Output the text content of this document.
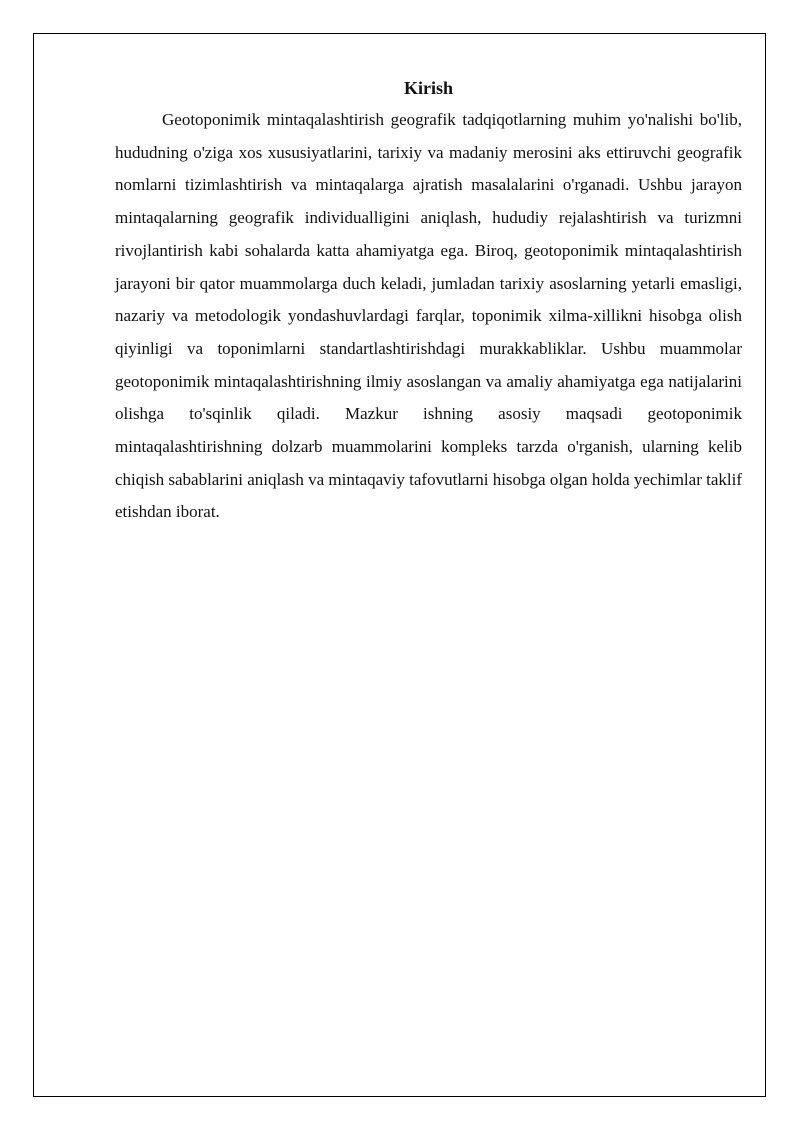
Kirish

Geotoponimik mintaqalashtirish geografik tadqiqotlarning muhim yo'nalishi bo'lib, hududning o'ziga xos xususiyatlarini, tarixiy va madaniy merosini aks ettiruvchi geografik nomlarni tizimlashtirish va mintaqalarga ajratish masalalarini o'rganadi. Ushbu jarayon mintaqalarning geografik individualligini aniqlash, hududiy rejalashtirish va turizmni rivojlantirish kabi sohalarda katta ahamiyatga ega. Biroq, geotoponimik mintaqalashtirish jarayoni bir qator muammolarga duch keladi, jumladan tarixiy asoslarning yetarli emasligi, nazariy va metodologik yondashuvlardagi farqlar, toponimik xilma-xillikni hisobga olish qiyinligi va toponimlarni standartlashtirishdagi murakkabliklar. Ushbu muammolar geotoponimik mintaqalashtirishning ilmiy asoslangan va amaliy ahamiyatga ega natijalarini olishga to'sqinlik qiladi. Mazkur ishning asosiy maqsadi geotoponimik mintaqalashtirishning dolzarb muammolarini kompleks tarzda o'rganish, ularning kelib chiqish sabablarini aniqlash va mintaqaviy tafovutlarni hisobga olgan holda yechimlar taklif etishdan iborat.
